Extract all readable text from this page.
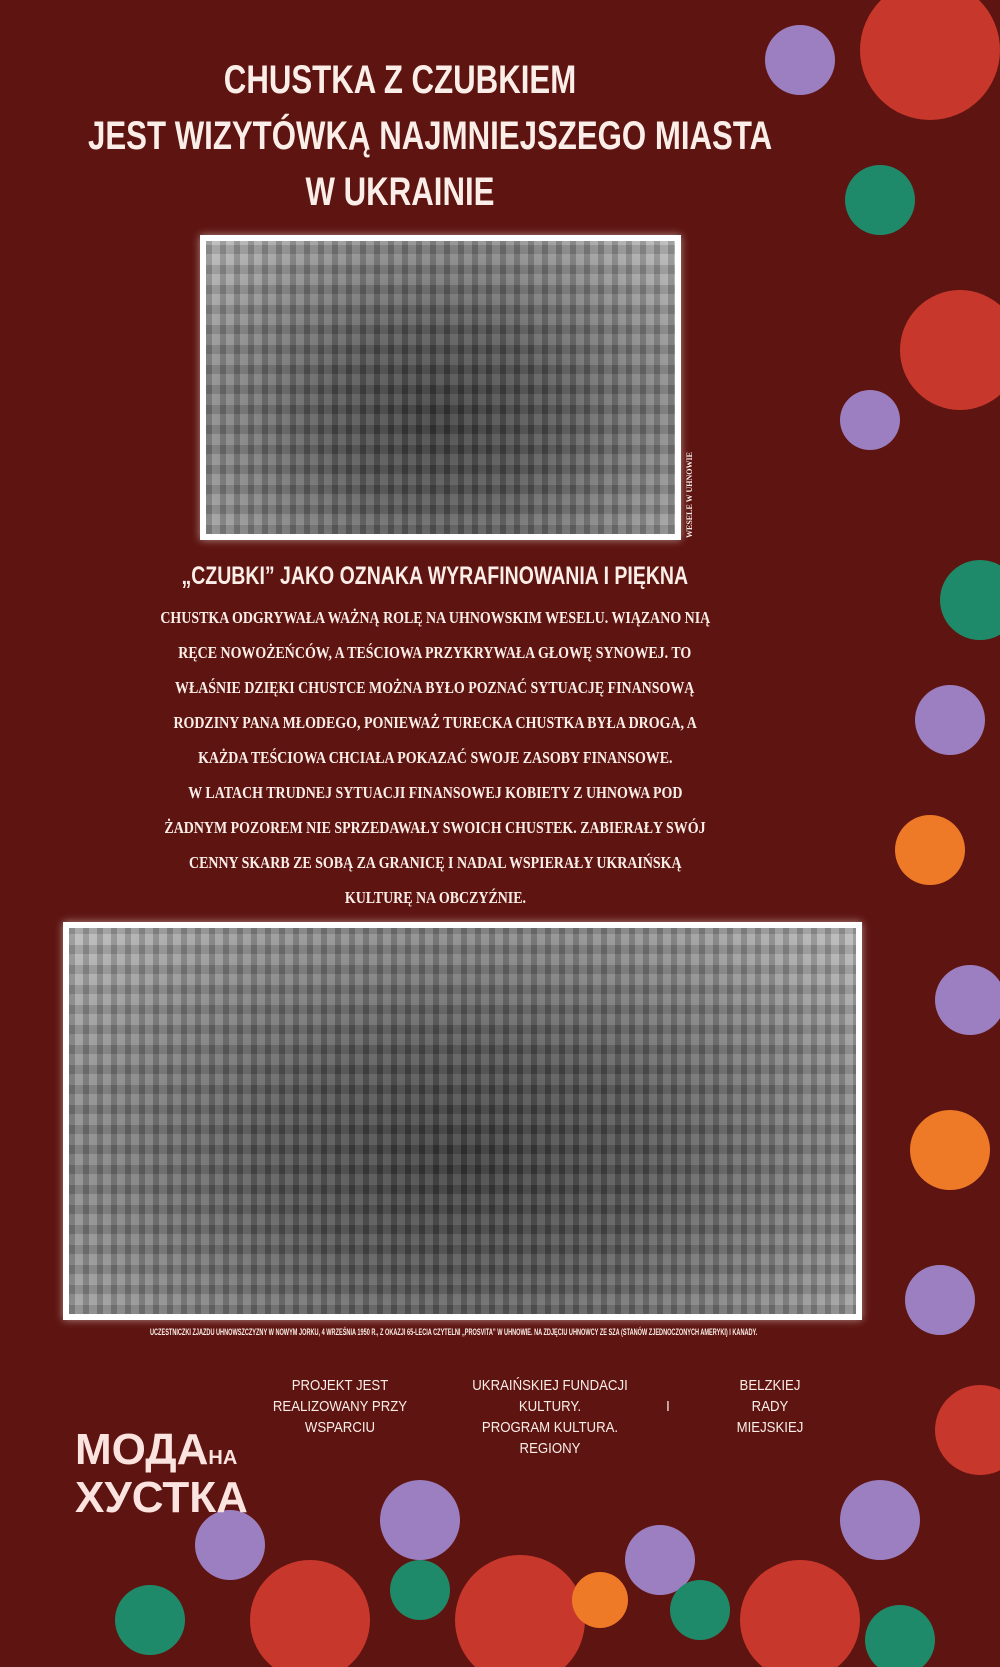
CHUSTKA Z CZUBKIEM
JEST WIZYTÓWKĄ NAJMNIEJSZEGO MIASTA
W UKRAINIE
WESELE W UHNOWIE
„CZUBKI” JAKO OZNAKA WYRAFINOWANIA I PIĘKNA
CHUSTKA ODGRYWAŁA WAŻNĄ ROLĘ NA UHNOWSKIM WESELU. WIĄZANO NIĄ
RĘCE NOWOŻEŃCÓW, A TEŚCIOWA PRZYKRYWAŁA GŁOWĘ SYNOWEJ. TO
WŁAŚNIE DZIĘKI CHUSTCE MOŻNA BYŁO POZNAĆ SYTUACJĘ FINANSOWĄ
RODZINY PANA MŁODEGO, PONIEWAŻ TURECKA CHUSTKA BYŁA DROGA, A
KAŻDA TEŚCIOWA CHCIAŁA POKAZAĆ SWOJE ZASOBY FINANSOWE.
W LATACH TRUDNEJ SYTUACJI FINANSOWEJ KOBIETY Z UHNOWA POD
ŻADNYM POZOREM NIE SPRZEDAWAŁY SWOICH CHUSTEK. ZABIERAŁY SWÓJ
CENNY SKARB ZE SOBĄ ZA GRANICĘ I NADAL WSPIERAŁY UKRAIŃSKĄ
KULTURĘ NA OBCZYŹNIE.
UCZESTNICZKI ZJAZDU UHNOWSZCZYZNY W NOWYM JORKU, 4 WRZEŚNIA 1950 R., Z OKAZJI 65-LECIA CZYTELNI „PROSVITA” W UHNOWIE. NA ZDJĘCIU UHNOWCY ZE SZA (STANÓW ZJEDNOCZONYCH AMERYKI) I KANADY.
МОДАНА
ХУСТКА
PROJEKT JEST
REALIZOWANY PRZY
WSPARCIU
UKRAIŃSKIEJ FUNDACJI
KULTURY.
PROGRAM KULTURA.
REGIONY
I
BELZKIEJ
RADY
MIEJSKIEJ
